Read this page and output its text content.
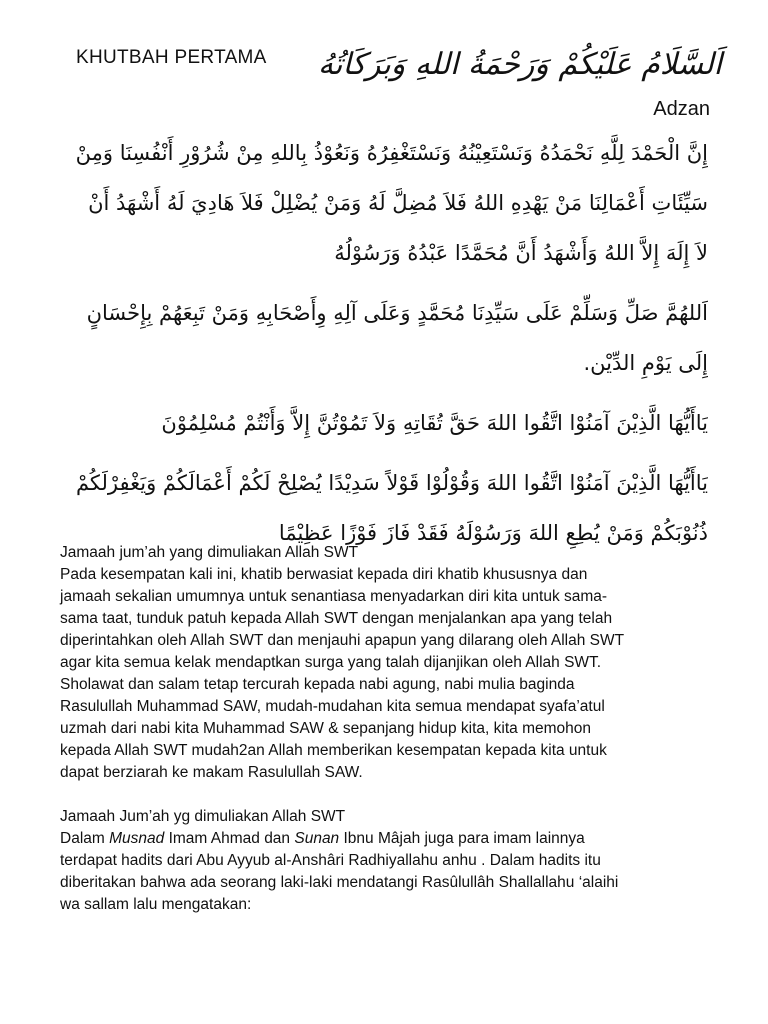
KHUTBAH PERTAMA اَلسَّلَامُ عَلَيْكُمْ وَرَحْمَةُ اللهِ وَبَرَكَاتُهُ
Adzan
إِنَّ الْحَمْدَ لِلَّهِ نَحْمَدُهُ وَنَسْتَعِيْنُهُ وَنَسْتَغْفِرُهُ وَنَعُوْذُ بِاللهِ مِنْ شُرُوْرِ أَنْفُسِنَا وَمِنْ
سَيِّئَاتِ أَعْمَالِنَا مَنْ يَهْدِهِ اللهُ فَلاَ مُضِلَّ لَهُ وَمَنْ يُضْلِلْ فَلاَ هَادِيَ لَهُ أَشْهَدُ أَنْ
لاَ إِلَهَ إِلاَّ اللهُ وَأَشْهَدُ أَنَّ مُحَمَّدًا عَبْدُهُ وَرَسُوْلُهُ
اَللهُمَّ صَلِّ وَسَلِّمْ عَلَى سَيِّدِنَا مُحَمَّدٍ وَعَلَى آلِهِ وِأَصْحَابِهِ وَمَنْ تَبِعَهُمْ بِإِحْسَانٍ
إِلَى يَوْمِ الدِّيْن.
يَاأَيُّهَا الَّذِيْنَ آمَنُوْا اتَّقُوا اللهَ حَقَّ تُقَاتِهِ وَلاَ تَمُوْتُنَّ إِلاَّ وَأَنْتُمْ مُسْلِمُوْنَ
يَاأَيُّهَا الَّذِيْنَ آمَنُوْا اتَّقُوا اللهَ وَقُوْلُوْا قَوْلاً سَدِيْدًا يُصْلِحْ لَكُمْ أَعْمَالَكُمْ وَيَغْفِرْلَكُمْ
ذُنُوْبَكُمْ وَمَنْ يُطِعِ اللهَ وَرَسُوْلَهُ فَقَدْ فَازَ فَوْزًا عَظِيْمًا

Jamaah jum’ah yang dimuliakan Allah SWT
Pada kesempatan kali ini, khatib berwasiat kepada diri khatib khususnya dan
jamaah sekalian umumnya untuk senantiasa menyadarkan diri kita untuk sama-
sama taat, tunduk patuh kepada Allah SWT dengan menjalankan apa yang telah
diperintahkan oleh Allah SWT dan menjauhi apapun yang dilarang oleh Allah SWT
agar kita semua kelak mendaptkan surga yang talah dijanjikan oleh Allah SWT.
Sholawat dan salam tetap tercurah kepada nabi agung, nabi mulia baginda
Rasulullah Muhammad SAW, mudah-mudahan kita semua mendapat syafa’atul
uzmah dari nabi kita Muhammad SAW & sepanjang hidup kita, kita memohon
kepada Allah SWT mudah2an Allah memberikan kesempatan kepada kita untuk
dapat berziarah ke makam Rasulullah SAW.

Jamaah Jum’ah yg dimuliakan Allah SWT
Dalam Musnad Imam Ahmad dan Sunan Ibnu Mâjah juga para imam lainnya
terdapat hadits dari Abu Ayyub al-Anshâri Radhiyallahu anhu . Dalam hadits itu
diberitakan bahwa ada seorang laki-laki mendatangi Rasûlullâh Shallallahu ‘alaihi
wa sallam lalu mengatakan:
